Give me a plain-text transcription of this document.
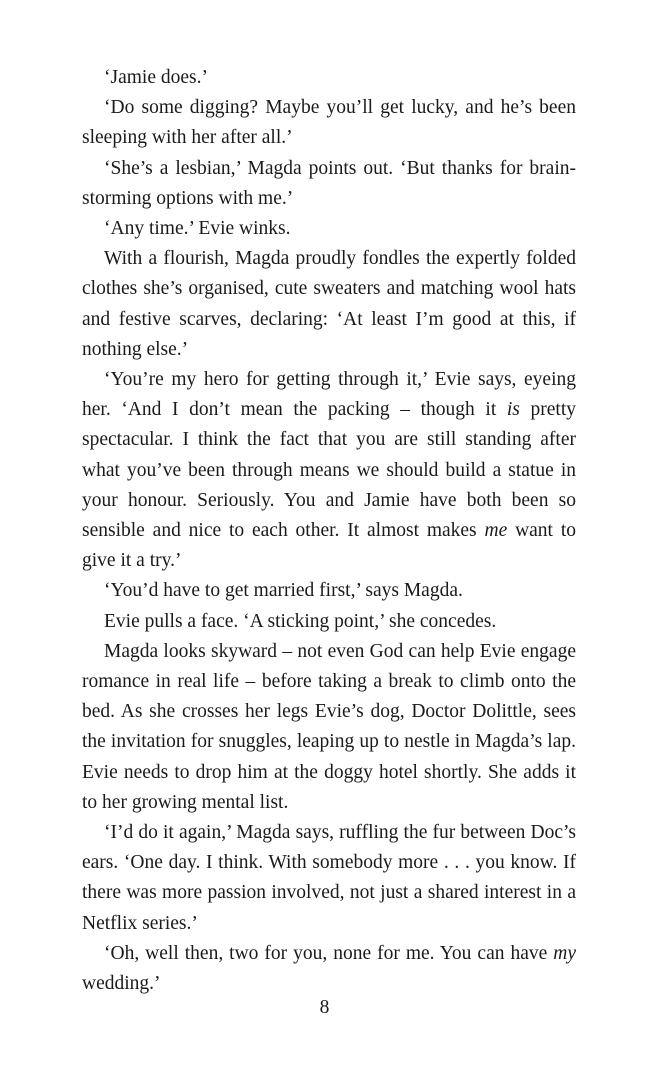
‘Jamie does.’

‘Do some digging? Maybe you’ll get lucky, and he’s been sleeping with her after all.’

‘She’s a lesbian,’ Magda points out. ‘But thanks for brain-storming options with me.’

‘Any time.’ Evie winks.

With a flourish, Magda proudly fondles the expertly folded clothes she’s organised, cute sweaters and matching wool hats and festive scarves, declaring: ‘At least I’m good at this, if nothing else.’

‘You’re my hero for getting through it,’ Evie says, eyeing her. ‘And I don’t mean the packing – though it is pretty spectacular. I think the fact that you are still standing after what you’ve been through means we should build a statue in your honour. Seriously. You and Jamie have both been so sensible and nice to each other. It almost makes me want to give it a try.’

‘You’d have to get married first,’ says Magda.

Evie pulls a face. ‘A sticking point,’ she concedes.

Magda looks skyward – not even God can help Evie engage romance in real life – before taking a break to climb onto the bed. As she crosses her legs Evie’s dog, Doctor Dolittle, sees the invitation for snuggles, leaping up to nestle in Magda’s lap. Evie needs to drop him at the doggy hotel shortly. She adds it to her growing mental list.

‘I’d do it again,’ Magda says, ruffling the fur between Doc’s ears. ‘One day. I think. With somebody more . . . you know. If there was more passion involved, not just a shared interest in a Netflix series.’

‘Oh, well then, two for you, none for me. You can have my wedding.’

8
